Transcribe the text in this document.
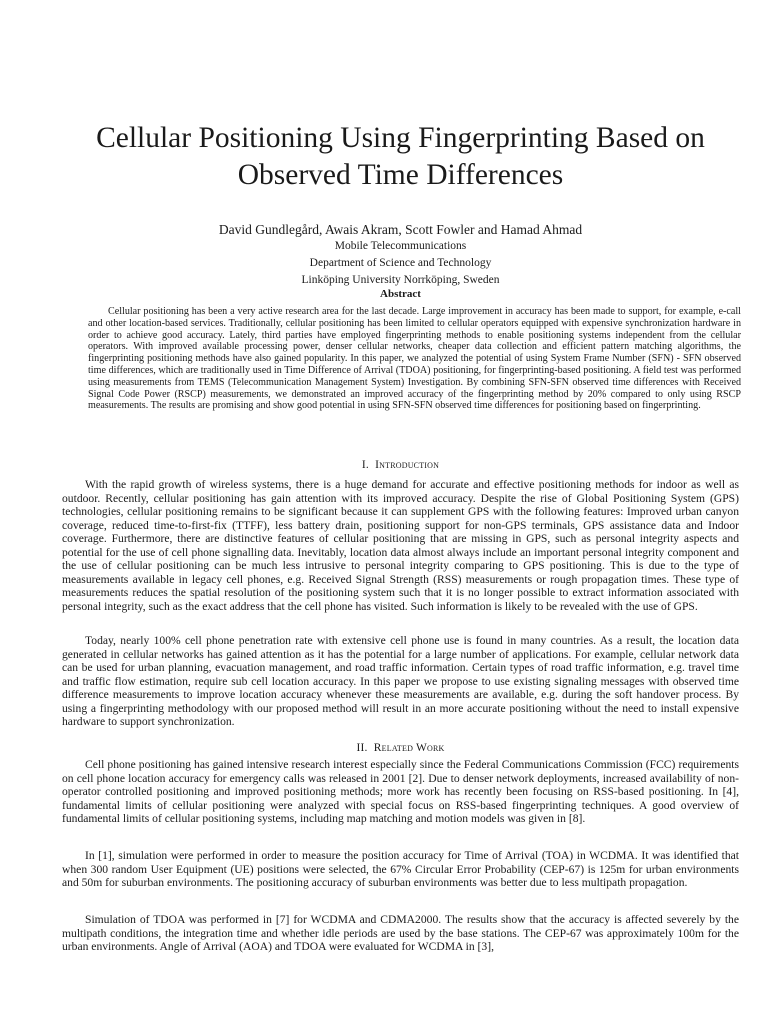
Cellular Positioning Using Fingerprinting Based on Observed Time Differences
David Gundlegård, Awais Akram, Scott Fowler and Hamad Ahmad
Mobile Telecommunications
Department of Science and Technology
Linköping University Norrköping, Sweden
Abstract

Cellular positioning has been a very active research area for the last decade. Large improvement in accuracy has been made to support, for example, e-call and other location-based services. Traditionally, cellular positioning has been limited to cellular operators equipped with expensive synchronization hardware in order to achieve good accuracy. Lately, third parties have employed fingerprinting methods to enable positioning systems independent from the cellular operators. With improved available processing power, denser cellular networks, cheaper data collection and efficient pattern matching algorithms, the fingerprinting positioning methods have also gained popularity. In this paper, we analyzed the potential of using System Frame Number (SFN) - SFN observed time differences, which are traditionally used in Time Difference of Arrival (TDOA) positioning, for fingerprinting-based positioning. A field test was performed using measurements from TEMS (Telecommunication Management System) Investigation. By combining SFN-SFN observed time differences with Received Signal Code Power (RSCP) measurements, we demonstrated an improved accuracy of the fingerprinting method by 20% compared to only using RSCP measurements. The results are promising and show good potential in using SFN-SFN observed time differences for positioning based on fingerprinting.

I. Introduction

With the rapid growth of wireless systems, there is a huge demand for accurate and effective positioning methods for indoor as well as outdoor. Recently, cellular positioning has gain attention with its improved accuracy. Despite the rise of Global Positioning System (GPS) technologies, cellular positioning remains to be significant because it can supplement GPS with the following features: Improved urban canyon coverage, reduced time-to-first-fix (TTFF), less battery drain, positioning support for non-GPS terminals, GPS assistance data and Indoor coverage. Furthermore, there are distinctive features of cellular positioning that are missing in GPS, such as personal integrity aspects and potential for the use of cell phone signalling data. Inevitably, location data almost always include an important personal integrity component and the use of cellular positioning can be much less intrusive to personal integrity comparing to GPS positioning. This is due to the type of measurements available in legacy cell phones, e.g. Received Signal Strength (RSS) measurements or rough propagation times. These type of measurements reduces the spatial resolution of the positioning system such that it is no longer possible to extract information associated with personal integrity, such as the exact address that the cell phone has visited. Such information is likely to be revealed with the use of GPS.

Today, nearly 100% cell phone penetration rate with extensive cell phone use is found in many countries. As a result, the location data generated in cellular networks has gained attention as it has the potential for a large number of applications. For example, cellular network data can be used for urban planning, evacuation management, and road traffic information. Certain types of road traffic information, e.g. travel time and traffic flow estimation, require sub cell location accuracy. In this paper we propose to use existing signaling messages with observed time difference measurements to improve location accuracy whenever these measurements are available, e.g. during the soft handover process. By using a fingerprinting methodology with our proposed method will result in an more accurate positioning without the need to install expensive hardware to support synchronization.

II. Related Work

Cell phone positioning has gained intensive research interest especially since the Federal Communications Commission (FCC) requirements on cell phone location accuracy for emergency calls was released in 2001 [2]. Due to denser network deployments, increased availability of non-operator controlled positioning and improved positioning methods; more work has recently been focusing on RSS-based positioning. In [4], fundamental limits of cellular positioning were analyzed with special focus on RSS-based fingerprinting techniques. A good overview of fundamental limits of cellular positioning systems, including map matching and motion models was given in [8].

In [1], simulation were performed in order to measure the position accuracy for Time of Arrival (TOA) in WCDMA. It was identified that when 300 random User Equipment (UE) positions were selected, the 67% Circular Error Probability (CEP-67) is 125m for urban environments and 50m for suburban environments. The positioning accuracy of suburban environments was better due to less multipath propagation.

Simulation of TDOA was performed in [7] for WCDMA and CDMA2000. The results show that the accuracy is affected severely by the multipath conditions, the integration time and whether idle periods are used by the base stations. The CEP-67 was approximately 100m for the urban environments. Angle of Arrival (AOA) and TDOA were evaluated for WCDMA in [3],
